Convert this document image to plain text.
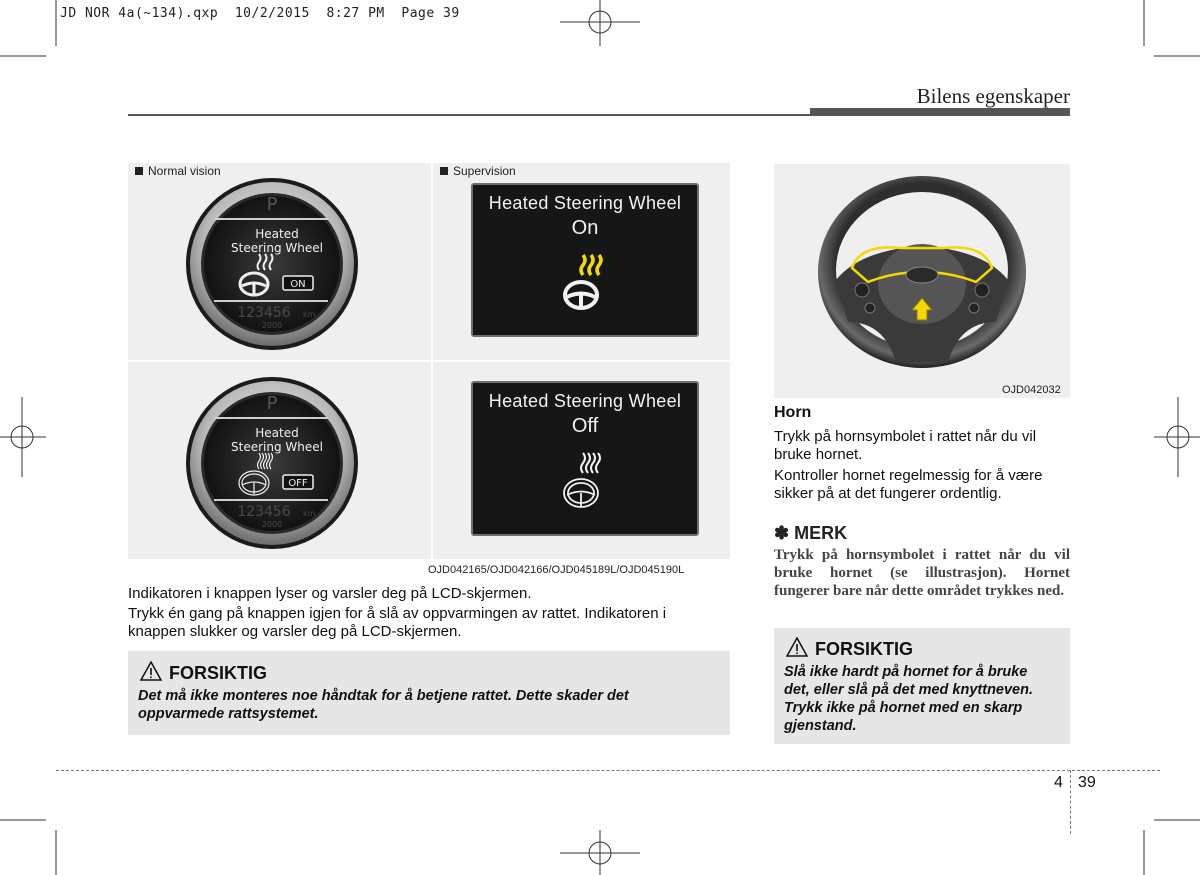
JD NOR 4a(~134).qxp  10/2/2015  8:27 PM  Page 39
Bilens egenskaper
Normal vision	Supervision
P
Heated
Steering Wheel
ON
123456 km
2000
P
Heated
Steering Wheel
OFF
123456 km
2000
Heated Steering Wheel
On
Heated Steering Wheel
Off
OJD042165/OJD042166/OJD045189L/OJD045190L
Indikatoren i knappen lyser og varsler deg på LCD-skjermen.
Trykk én gang på knappen igjen for å slå av oppvarmingen av rattet. Indikatoren i
knappen slukker og varsler deg på LCD-skjermen.
FORSIKTIG
Det må ikke monteres noe håndtak for å betjene rattet. Dette skader det
oppvarmede rattsystemet.
OJD042032
Horn
Trykk på hornsymbolet i rattet når du vil
bruke hornet.
Kontroller hornet regelmessig for å være
sikker på at det fungerer ordentlig.
✽ MERK
Trykk på hornsymbolet i rattet når du vil bruke hornet (se illustrasjon). Hornet fungerer bare når dette området trykkes ned.
FORSIKTIG
Slå ikke hardt på hornet for å bruke
det, eller slå på det med knyttneven.
Trykk ikke på hornet med en skarp
gjenstand.
4 39
